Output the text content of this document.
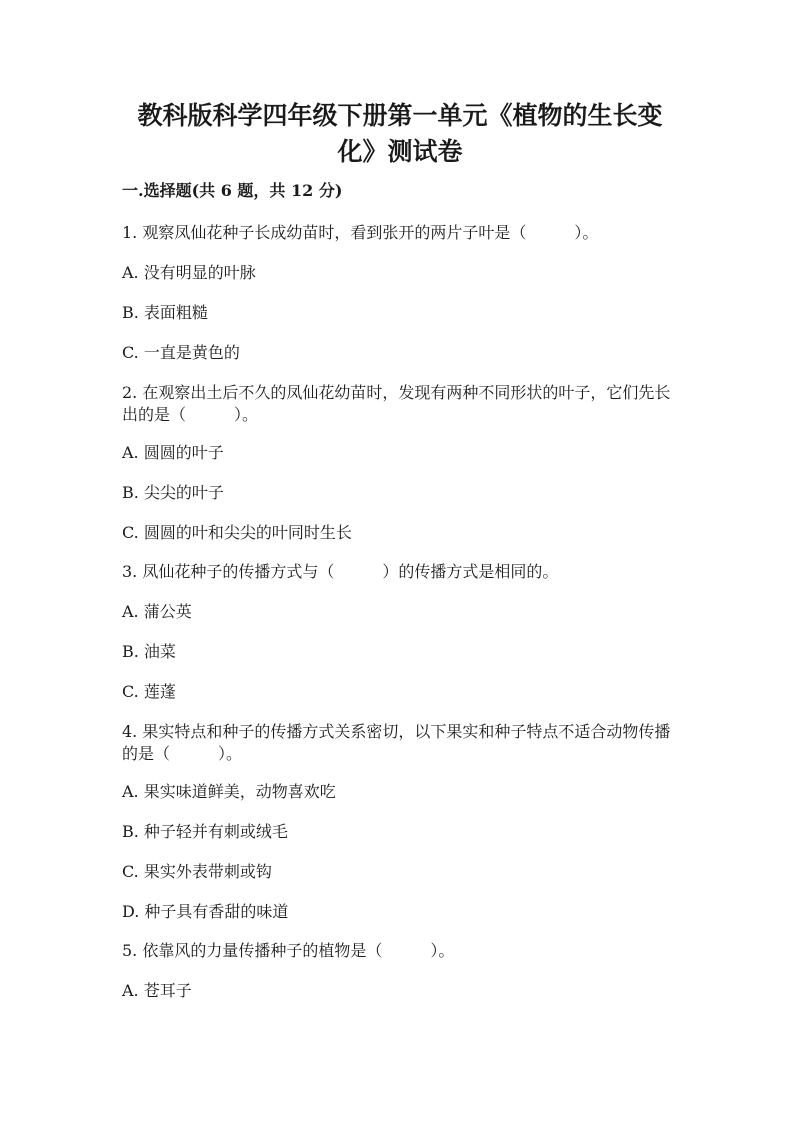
教科版科学四年级下册第一单元《植物的生长变
化》测试卷
一.选择题(共 6 题，共 12 分)

1. 观察凤仙花种子长成幼苗时，看到张开的两片子叶是（　　　）。

A. 没有明显的叶脉

B. 表面粗糙

C. 一直是黄色的

2. 在观察出土后不久的凤仙花幼苗时，发现有两种不同形状的叶子，它们先长

出的是（　　　）。

A. 圆圆的叶子

B. 尖尖的叶子

C. 圆圆的叶和尖尖的叶同时生长

3. 凤仙花种子的传播方式与（　　　）的传播方式是相同的。

A. 蒲公英

B. 油菜

C. 莲蓬

4. 果实特点和种子的传播方式关系密切，以下果实和种子特点不适合动物传播

的是（　　　）。

A. 果实味道鲜美，动物喜欢吃

B. 种子轻并有刺或绒毛

C. 果实外表带刺或钩

D. 种子具有香甜的味道

5. 依靠风的力量传播种子的植物是（　　　）。

A. 苍耳子
